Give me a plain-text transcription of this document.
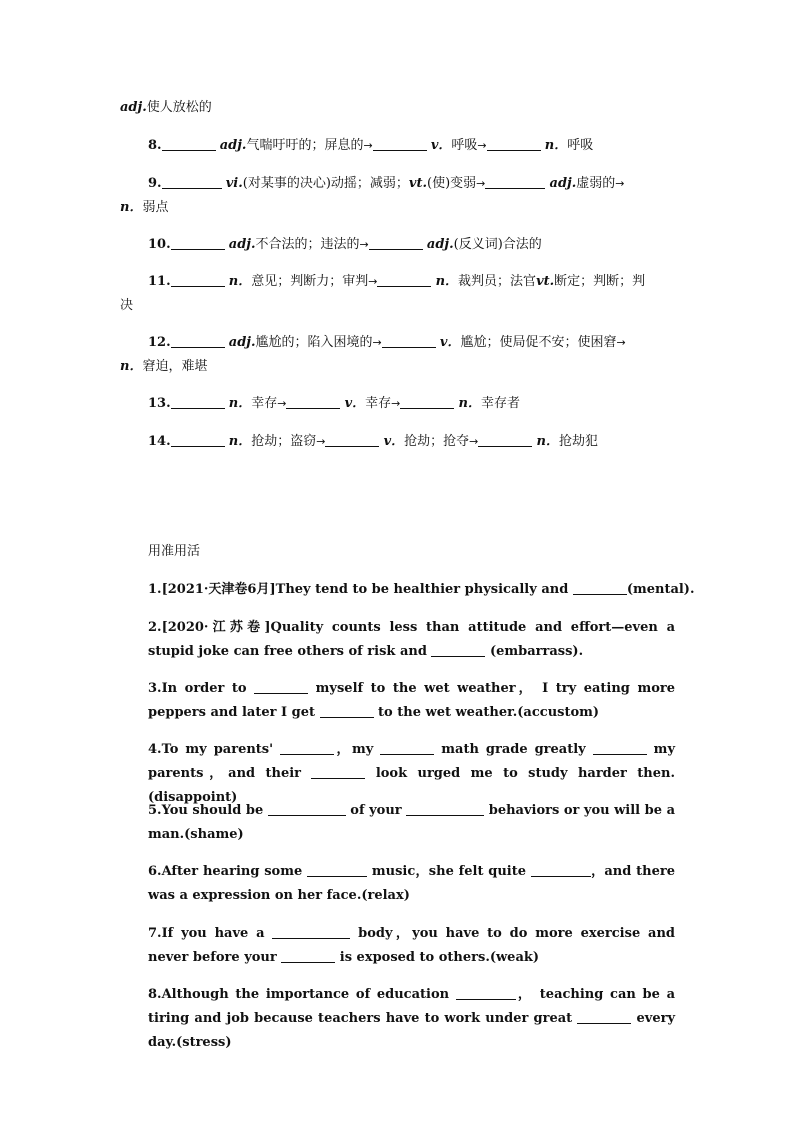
adj.使人放松的
8.	adj.气喘吁吁的；屏息的→	v．呼吸→	n．呼吸
9.	vi.(对某事的决心)动摇；减弱；vt.(使)变弱→	adj.虚弱的→
n．弱点
10.	adj.不合法的；违法的→	adj.(反义词)合法的
11.	n．意见；判断力；审判→	n．裁判员；法官vt.断定；判断；判
决
12.	adj.尴尬的；陷入困境的→	v．尴尬；使局促不安；使困窘→
n．窘迫，难堪
13.	n．幸存→	v．幸存→	n．幸存者
14.	n．抢劫；盗窃→	v．抢劫；抢夺→	n．抢劫犯
用准用活
1.[2021·天津卷6月]They tend to be healthier physically and	(mental).
2.[2020·江苏卷]Quality counts less than attitude and effort—even a stupid joke can free others of risk and	(embarrass).
3.In order to	myself to the wet weather， I try eating more peppers and later I get	to the wet weather.(accustom)
4.To my parents'	，my	math grade greatly	my parents，and their	look urged me to study harder then.(disappoint)
5.You should be	of your	behaviors or you will be a man.(shame)
6.After hearing some	music，she felt quite	，and there was a expression on her face.(relax)
7.If you have a	body，you have to do more exercise and never before your	is exposed to others.(weak)
8.Although the importance of education	， teaching can be a tiring and job because teachers have to work under great	every day.(stress)
